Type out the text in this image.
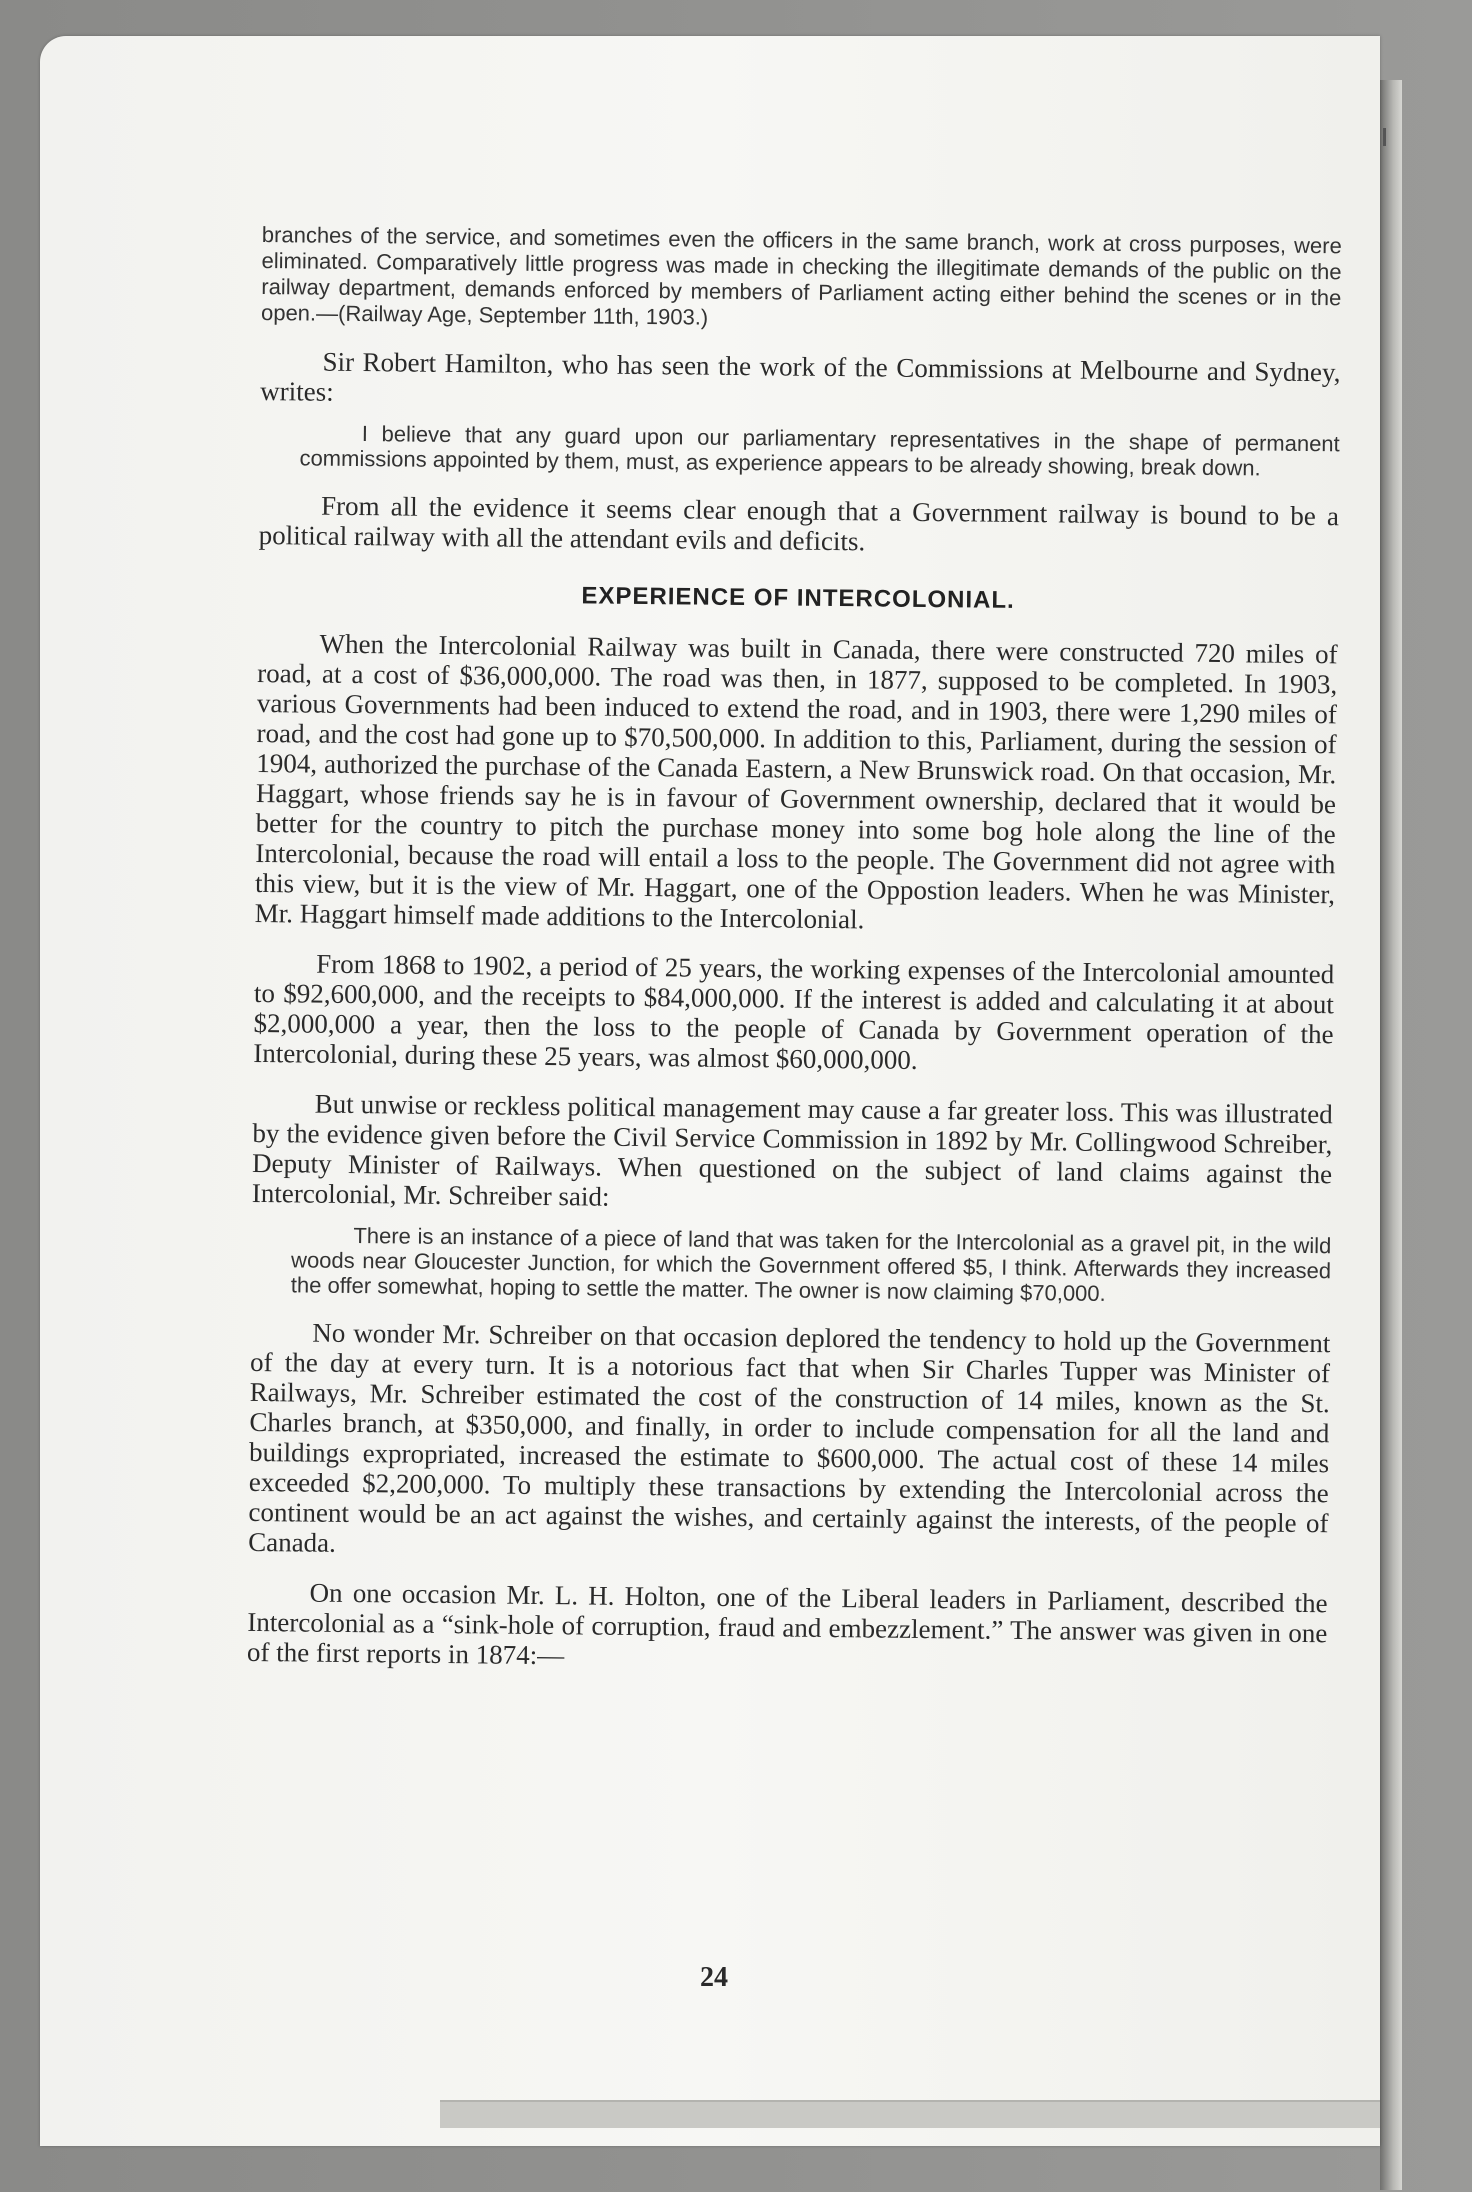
branches of the service, and sometimes even the officers in the same branch, work at cross purposes, were eliminated. Comparatively little progress was made in checking the illegitimate demands of the public on the railway department, demands enforced by members of Parliament acting either behind the scenes or in the open.—(Railway Age, September 11th, 1903.)

Sir Robert Hamilton, who has seen the work of the Commissions at Melbourne and Sydney, writes:

I believe that any guard upon our parliamentary representatives in the shape of permanent commissions appointed by them, must, as experience appears to be already showing, break down.

From all the evidence it seems clear enough that a Government railway is bound to be a political railway with all the attendant evils and deficits.

EXPERIENCE OF INTERCOLONIAL.

When the Intercolonial Railway was built in Canada, there were constructed 720 miles of road, at a cost of $36,000,000. The road was then, in 1877, supposed to be completed. In 1903, various Governments had been induced to extend the road, and in 1903, there were 1,290 miles of road, and the cost had gone up to $70,500,000. In addition to this, Parliament, during the session of 1904, authorized the purchase of the Canada Eastern, a New Brunswick road. On that occasion, Mr. Haggart, whose friends say he is in favour of Government ownership, declared that it would be better for the country to pitch the purchase money into some bog hole along the line of the Intercolonial, because the road will entail a loss to the people. The Government did not agree with this view, but it is the view of Mr. Haggart, one of the Oppostion leaders. When he was Minister, Mr. Haggart himself made additions to the Intercolonial.

From 1868 to 1902, a period of 25 years, the working expenses of the Intercolonial amounted to $92,600,000, and the receipts to $84,000,000. If the interest is added and calculating it at about $2,000,000 a year, then the loss to the people of Canada by Government operation of the Intercolonial, during these 25 years, was almost $60,000,000.

But unwise or reckless political management may cause a far greater loss. This was illustrated by the evidence given before the Civil Service Commission in 1892 by Mr. Collingwood Schreiber, Deputy Minister of Railways. When questioned on the subject of land claims against the Intercolonial, Mr. Schreiber said:

There is an instance of a piece of land that was taken for the Intercolonial as a gravel pit, in the wild woods near Gloucester Junction, for which the Government offered $5, I think. Afterwards they increased the offer somewhat, hoping to settle the matter. The owner is now claiming $70,000.

No wonder Mr. Schreiber on that occasion deplored the tendency to hold up the Government of the day at every turn. It is a notorious fact that when Sir Charles Tupper was Minister of Railways, Mr. Schreiber estimated the cost of the construction of 14 miles, known as the St. Charles branch, at $350,000, and finally, in order to include compensation for all the land and buildings expropriated, increased the estimate to $600,000. The actual cost of these 14 miles exceeded $2,200,000. To multiply these transactions by extending the Intercolonial across the continent would be an act against the wishes, and certainly against the interests, of the people of Canada.

On one occasion Mr. L. H. Holton, one of the Liberal leaders in Parliament, described the Intercolonial as a “sink-hole of corruption, fraud and embezzlement.” The answer was given in one of the first reports in 1874:—

24
